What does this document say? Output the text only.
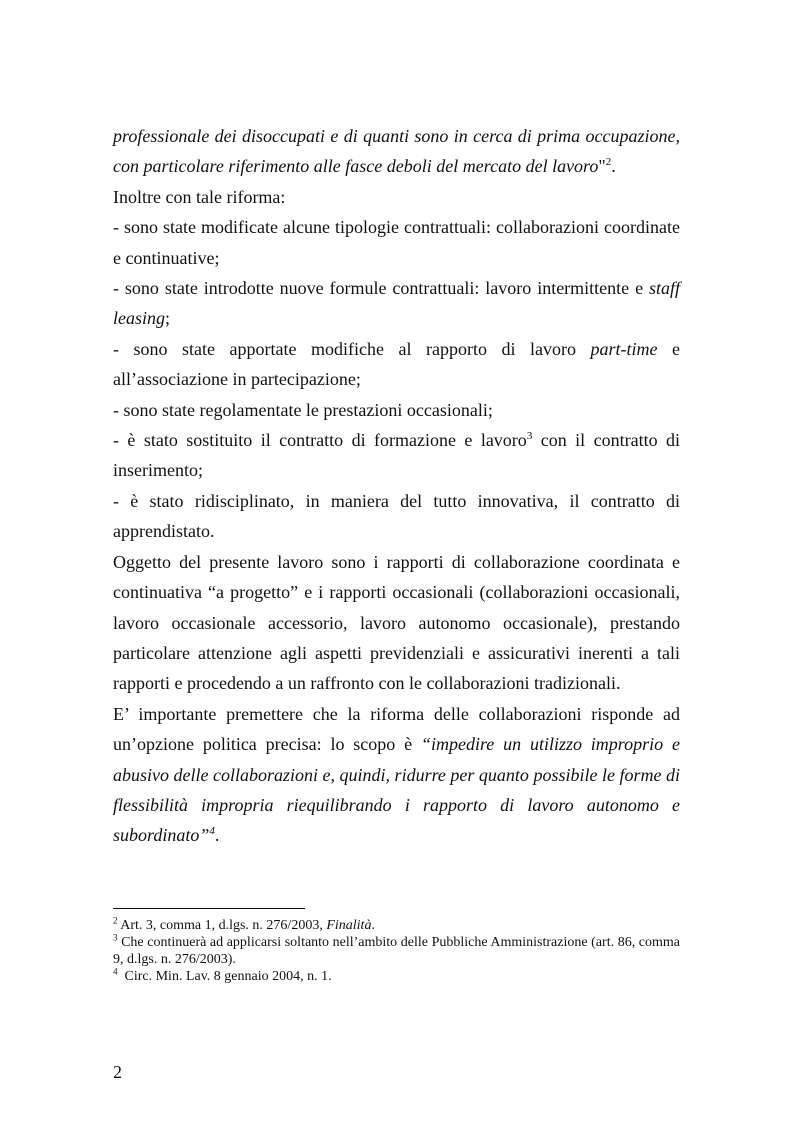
professionale dei disoccupati e di quanti sono in cerca di prima occupazione, con particolare riferimento alle fasce deboli del mercato del lavoro"$^2$.

Inoltre con tale riforma:

- sono state modificate alcune tipologie contrattuali: collaborazioni coordinate e continuative;

- sono state introdotte nuove formule contrattuali: lavoro intermittente e staff leasing;

- sono state apportate modifiche al rapporto di lavoro part-time e all’associazione in partecipazione;

- sono state regolamentate le prestazioni occasionali;

- è stato sostituito il contratto di formazione e lavoro$^3$ con il contratto di inserimento;

- è stato ridisciplinato, in maniera del tutto innovativa, il contratto di apprendistato.

Oggetto del presente lavoro sono i rapporti di collaborazione coordinata e continuativa “a progetto” e i rapporti occasionali (collaborazioni occasionali, lavoro occasionale accessorio, lavoro autonomo occasionale), prestando particolare attenzione agli aspetti previdenziali e assicurativi inerenti a tali rapporti e procedendo a un raffronto con le collaborazioni tradizionali.

E’ importante premettere che la riforma delle collaborazioni risponde ad un’opzione politica precisa: lo scopo è “impedire un utilizzo improprio e abusivo delle collaborazioni e, quindi, ridurre per quanto possibile le forme di flessibilità impropria riequilibrando i rapporto di lavoro autonomo e subordinato”$^4$.

$^2$ Art. 3, comma 1, d.lgs. n. 276/2003, Finalità.

$^3$ Che continuerà ad applicarsi soltanto nell’ambito delle Pubbliche Amministrazione (art. 86, comma 9, d.lgs. n. 276/2003).

$^4$  Circ. Min. Lav. 8 gennaio 2004, n. 1.

2
